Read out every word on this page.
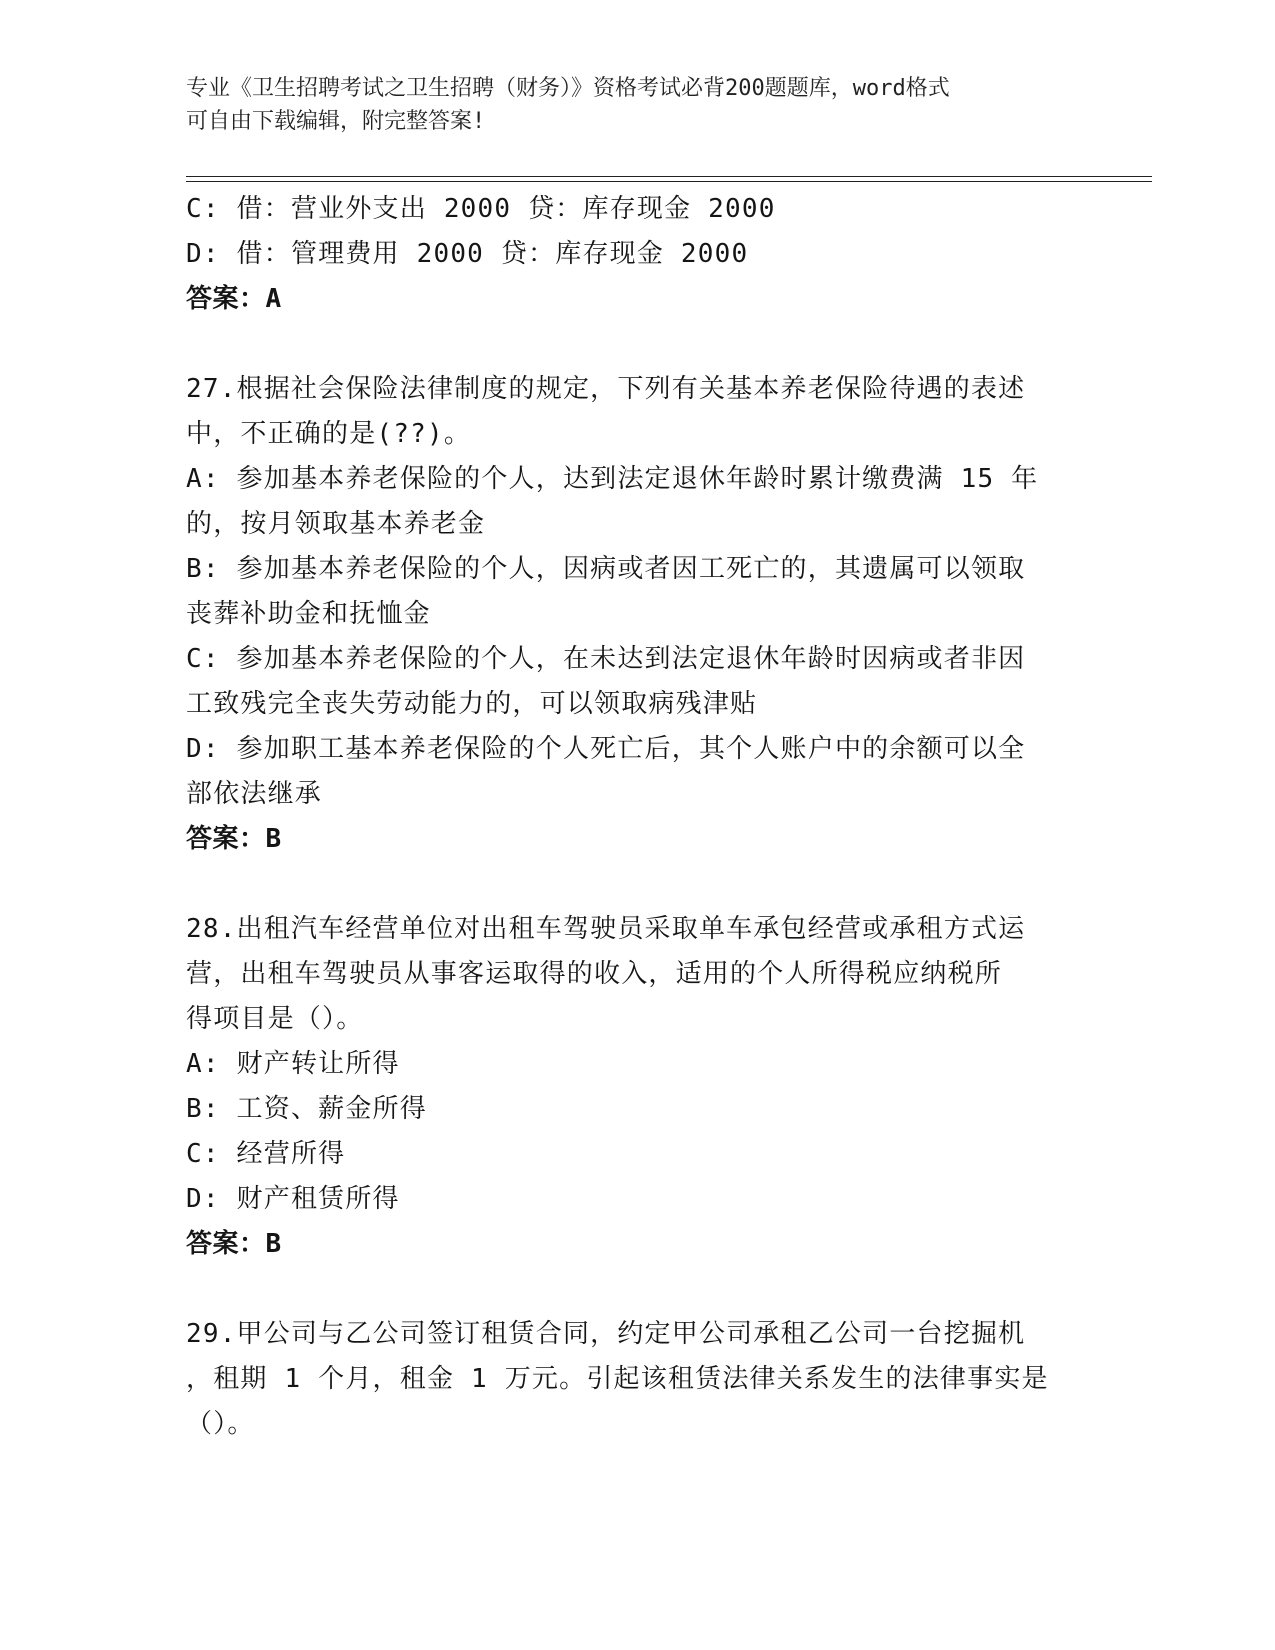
专业《卫生招聘考试之卫生招聘（财务）》资格考试必背200题题库，word格式
可自由下载编辑，附完整答案!
C: 借：营业外支出 2000 贷：库存现金 2000
D: 借：管理费用 2000 贷：库存现金 2000
答案：A
27.根据社会保险法律制度的规定，下列有关基本养老保险待遇的表述
中，不正确的是(??)。
A: 参加基本养老保险的个人，达到法定退休年龄时累计缴费满 15 年
的，按月领取基本养老金
B: 参加基本养老保险的个人，因病或者因工死亡的，其遗属可以领取
丧葬补助金和抚恤金
C: 参加基本养老保险的个人，在未达到法定退休年龄时因病或者非因
工致残完全丧失劳动能力的，可以领取病残津贴
D: 参加职工基本养老保险的个人死亡后，其个人账户中的余额可以全
部依法继承
答案：B
28.出租汽车经营单位对出租车驾驶员采取单车承包经营或承租方式运
营，出租车驾驶员从事客运取得的收入，适用的个人所得税应纳税所
得项目是（）。
A: 财产转让所得
B: 工资、薪金所得
C: 经营所得
D: 财产租赁所得
答案：B
29.甲公司与乙公司签订租赁合同，约定甲公司承租乙公司一台挖掘机
，租期 1 个月，租金 1 万元。引起该租赁法律关系发生的法律事实是
（）。
